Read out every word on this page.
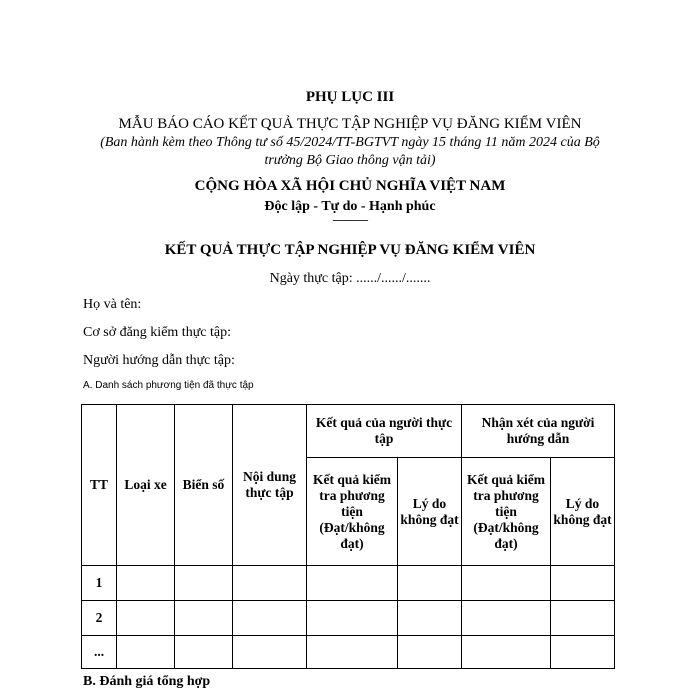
PHỤ LỤC III
MẪU BÁO CÁO KẾT QUẢ THỰC TẬP NGHIỆP VỤ ĐĂNG KIỂM VIÊN
(Ban hành kèm theo Thông tư số 45/2024/TT-BGTVT ngày 15 tháng 11 năm 2024 của Bộ trưởng Bộ Giao thông vận tải)
CỘNG HÒA XÃ HỘI CHỦ NGHĨA VIỆT NAM
Độc lập - Tự do - Hạnh phúc
---------------
KẾT QUẢ THỰC TẬP NGHIỆP VỤ ĐĂNG KIỂM VIÊN
Ngày thực tập: ....../....../.......
Họ và tên:
Cơ sở đăng kiểm thực tập:
Người hướng dẫn thực tập:
A. Danh sách phương tiện đã thực tập
TT	Loại xe	Biển số	Nội dung thực tập	Kết quả của người thực tập		Nhận xét của người hướng dẫn	
				Kết quả kiểm tra phương tiện (Đạt/không đạt)	Lý do không đạt	Kết quả kiểm tra phương tiện (Đạt/không đạt)	Lý do không đạt
1							
2							
...							
B. Đánh giá tổng hợp
